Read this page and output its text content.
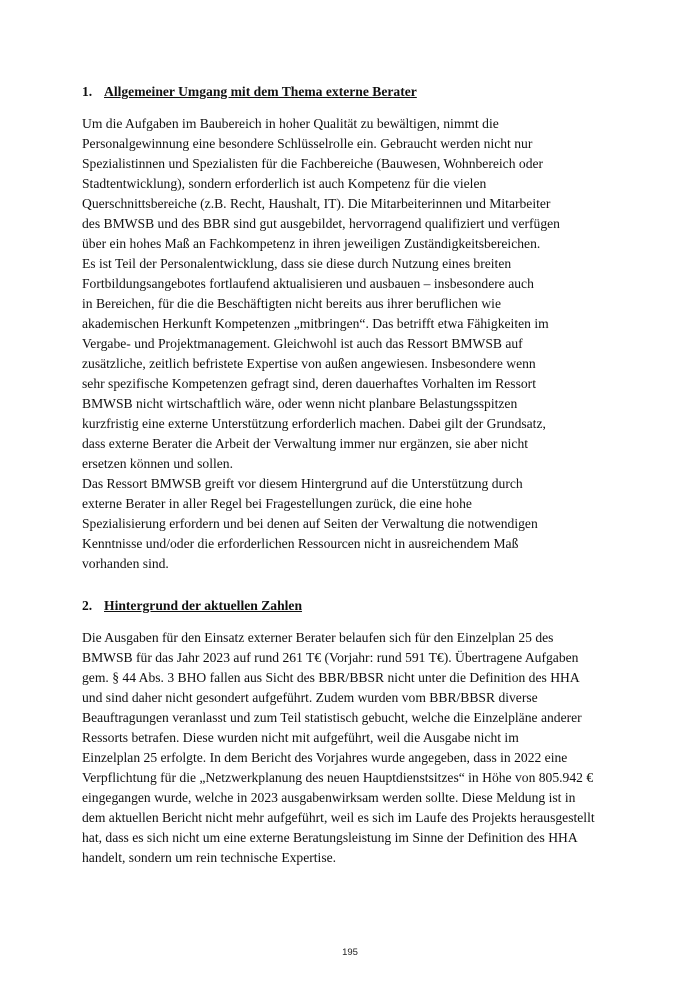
1. Allgemeiner Umgang mit dem Thema externe Berater
Um die Aufgaben im Baubereich in hoher Qualität zu bewältigen, nimmt die
Personalgewinnung eine besondere Schlüsselrolle ein. Gebraucht werden nicht nur
Spezialistinnen und Spezialisten für die Fachbereiche (Bauwesen, Wohnbereich oder
Stadtentwicklung), sondern erforderlich ist auch Kompetenz für die vielen
Querschnittsbereiche (z.B. Recht, Haushalt, IT). Die Mitarbeiterinnen und Mitarbeiter
des BMWSB und des BBR sind gut ausgebildet, hervorragend qualifiziert und verfügen
über ein hohes Maß an Fachkompetenz in ihren jeweiligen Zuständigkeitsbereichen.
Es ist Teil der Personalentwicklung, dass sie diese durch Nutzung eines breiten
Fortbildungsangebotes fortlaufend aktualisieren und ausbauen – insbesondere auch
in Bereichen, für die die Beschäftigten nicht bereits aus ihrer beruflichen wie
akademischen Herkunft Kompetenzen „mitbringen“. Das betrifft etwa Fähigkeiten im
Vergabe- und Projektmanagement. Gleichwohl ist auch das Ressort BMWSB auf
zusätzliche, zeitlich befristete Expertise von außen angewiesen. Insbesondere wenn
sehr spezifische Kompetenzen gefragt sind, deren dauerhaftes Vorhalten im Ressort
BMWSB nicht wirtschaftlich wäre, oder wenn nicht planbare Belastungsspitzen
kurzfristig eine externe Unterstützung erforderlich machen. Dabei gilt der Grundsatz,
dass externe Berater die Arbeit der Verwaltung immer nur ergänzen, sie aber nicht
ersetzen können und sollen.
Das Ressort BMWSB greift vor diesem Hintergrund auf die Unterstützung durch
externe Berater in aller Regel bei Fragestellungen zurück, die eine hohe
Spezialisierung erfordern und bei denen auf Seiten der Verwaltung die notwendigen
Kenntnisse und/oder die erforderlichen Ressourcen nicht in ausreichendem Maß
vorhanden sind.
2. Hintergrund der aktuellen Zahlen
Die Ausgaben für den Einsatz externer Berater belaufen sich für den Einzelplan 25 des
BMWSB für das Jahr 2023 auf rund 261 T€ (Vorjahr: rund 591 T€). Übertragene Aufgaben
gem. § 44 Abs. 3 BHO fallen aus Sicht des BBR/BBSR nicht unter die Definition des HHA
und sind daher nicht gesondert aufgeführt. Zudem wurden vom BBR/BBSR diverse
Beauftragungen veranlasst und zum Teil statistisch gebucht, welche die Einzelpläne anderer
Ressorts betrafen. Diese wurden nicht mit aufgeführt, weil die Ausgabe nicht im
Einzelplan 25 erfolgte. In dem Bericht des Vorjahres wurde angegeben, dass in 2022 eine
Verpflichtung für die „Netzwerkplanung des neuen Hauptdienstsitzes“ in Höhe von 805.942 €
eingegangen wurde, welche in 2023 ausgabenwirksam werden sollte. Diese Meldung ist in
dem aktuellen Bericht nicht mehr aufgeführt, weil es sich im Laufe des Projekts herausgestellt
hat, dass es sich nicht um eine externe Beratungsleistung im Sinne der Definition des HHA
handelt, sondern um rein technische Expertise.
195
